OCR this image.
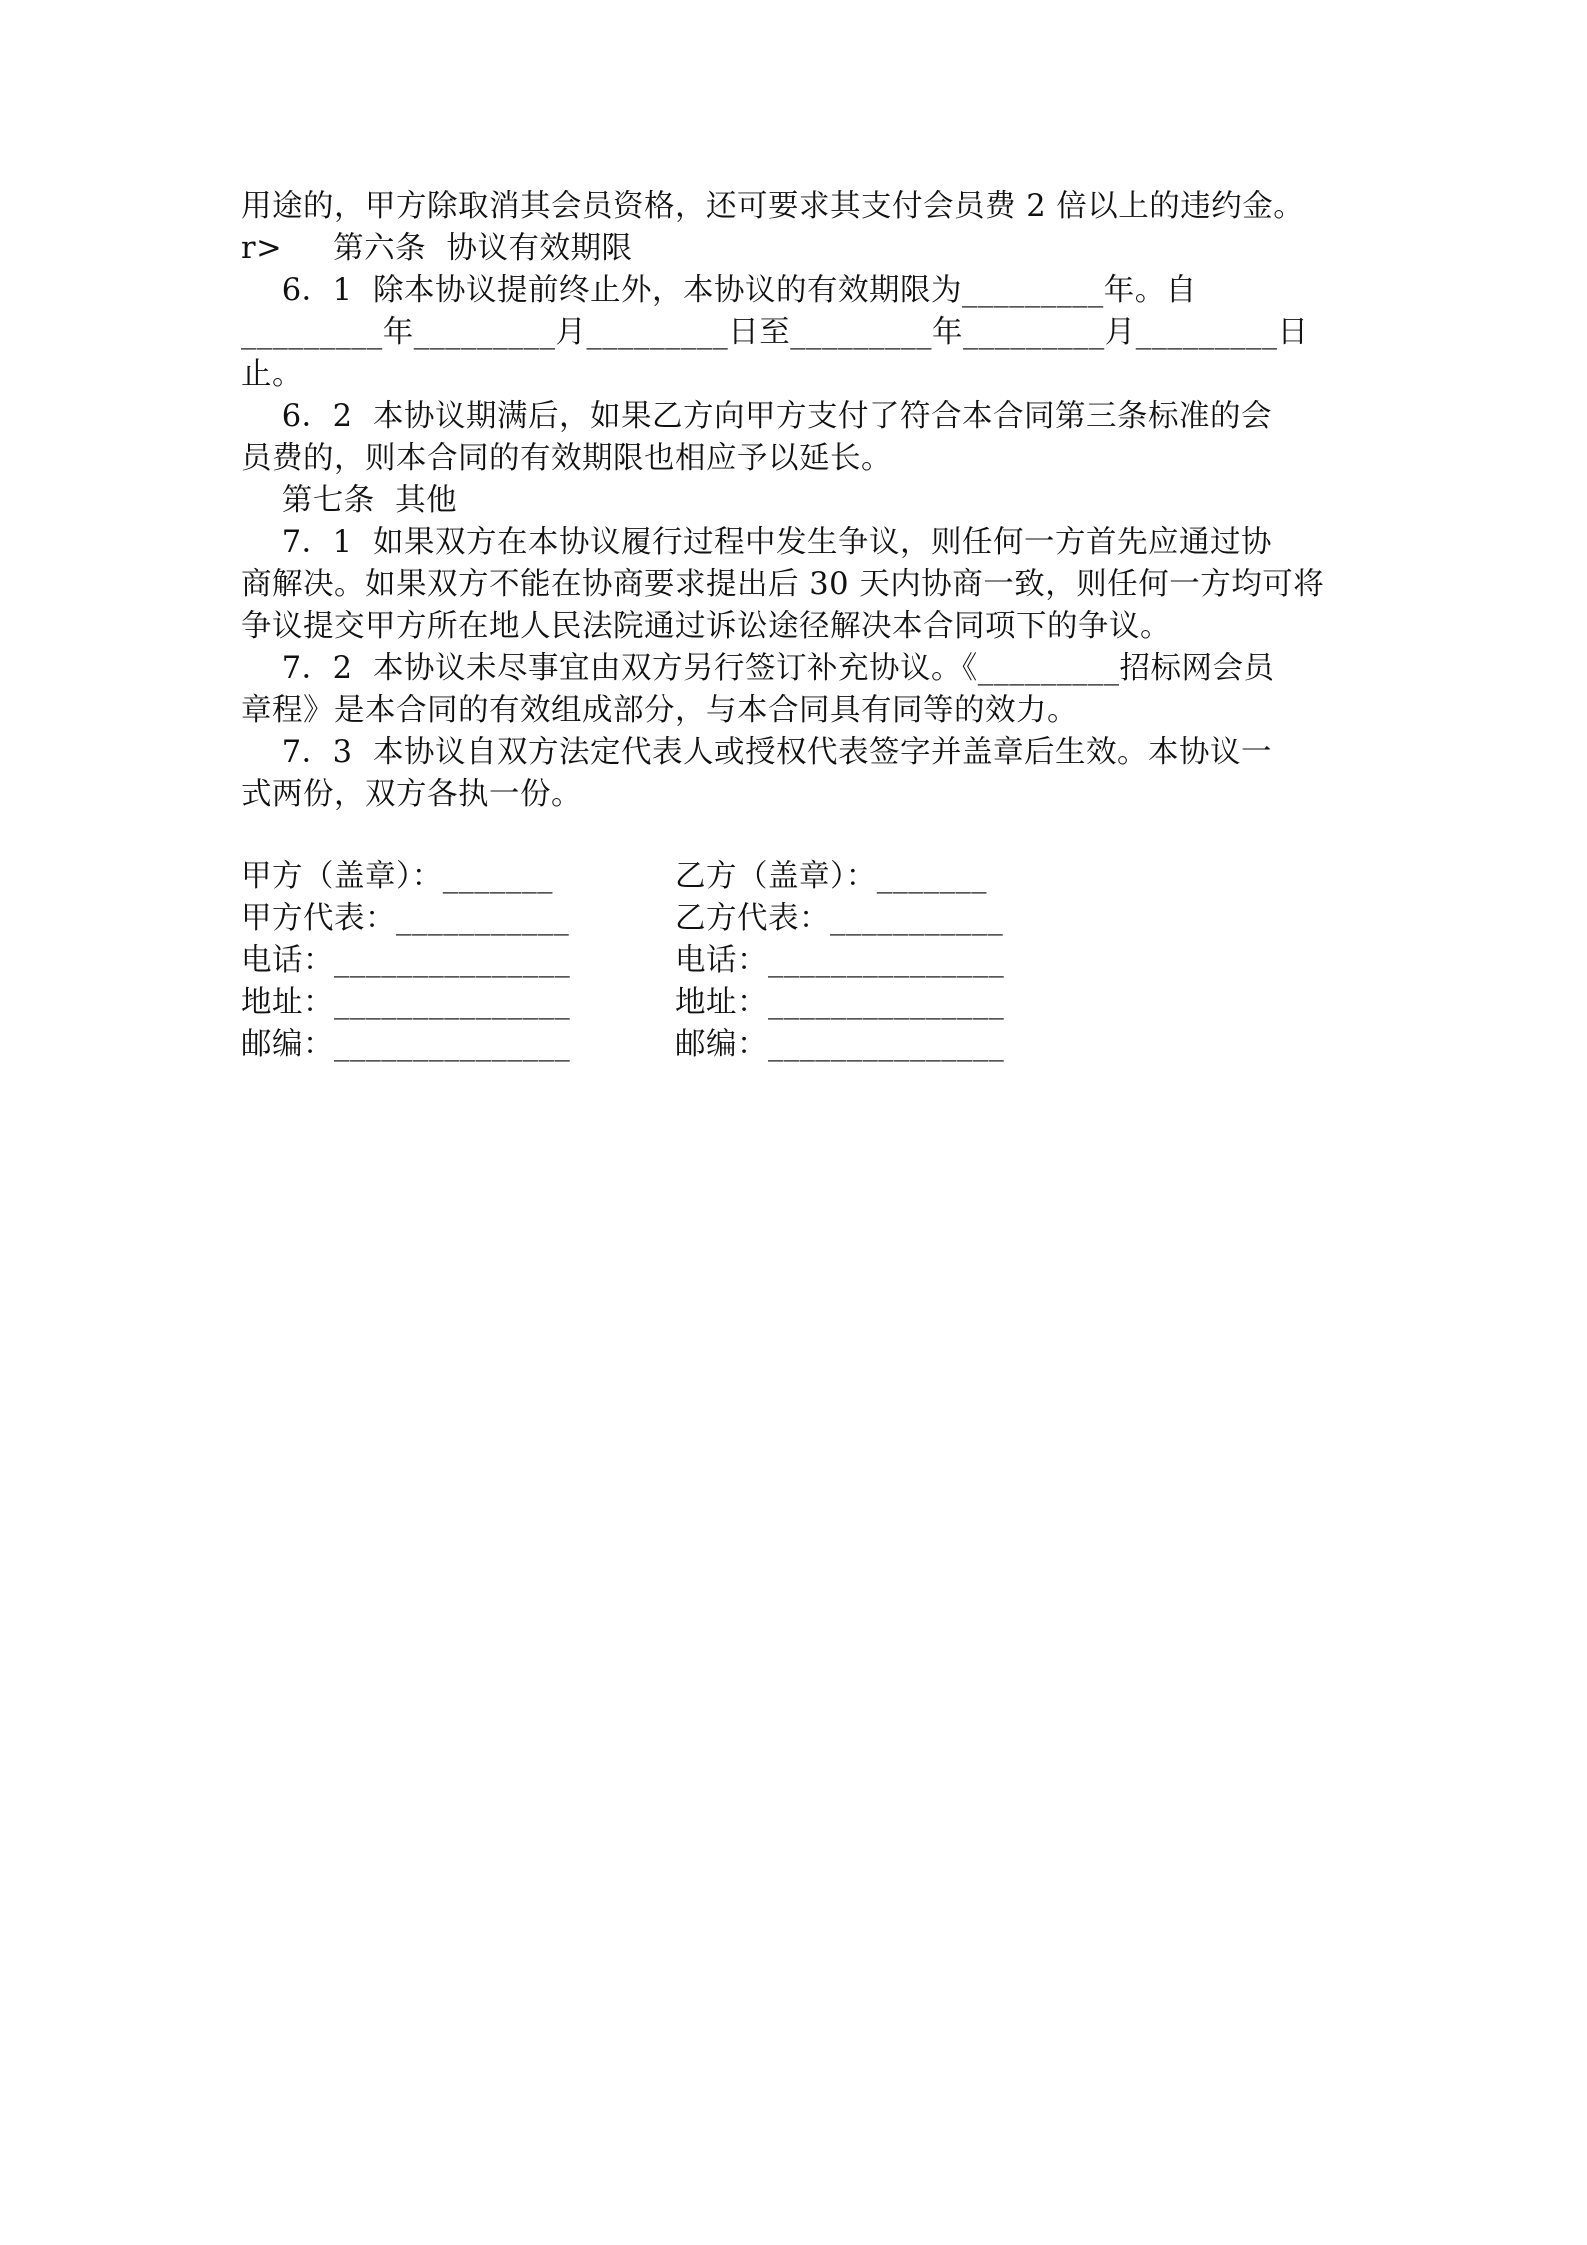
用途的，甲方除取消其会员资格，还可要求其支付会员费 2 倍以上的违约金。
r>     第六条  协议有效期限
6．1  除本协议提前终止外，本协议的有效期限为_________年。自
_________年_________月_________日至_________年_________月_________日
止。
6．2  本协议期满后，如果乙方向甲方支付了符合本合同第三条标准的会
员费的，则本合同的有效期限也相应予以延长。
第七条  其他
7．1  如果双方在本协议履行过程中发生争议，则任何一方首先应通过协
商解决。如果双方不能在协商要求提出后 30 天内协商一致，则任何一方均可将
争议提交甲方所在地人民法院通过诉讼途径解决本合同项下的争议。
7．2  本协议未尽事宜由双方另行签订补充协议。《_________招标网会员
章程》是本合同的有效组成部分，与本合同具有同等的效力。
7．3  本协议自双方法定代表人或授权代表签字并盖章后生效。本协议一
式两份，双方各执一份。
甲方（盖章）：_______	乙方（盖章）：_______
甲方代表：___________	乙方代表：___________
电话：_______________	电话：_______________
地址：_______________	地址：_______________
邮编：_______________	邮编：_______________
